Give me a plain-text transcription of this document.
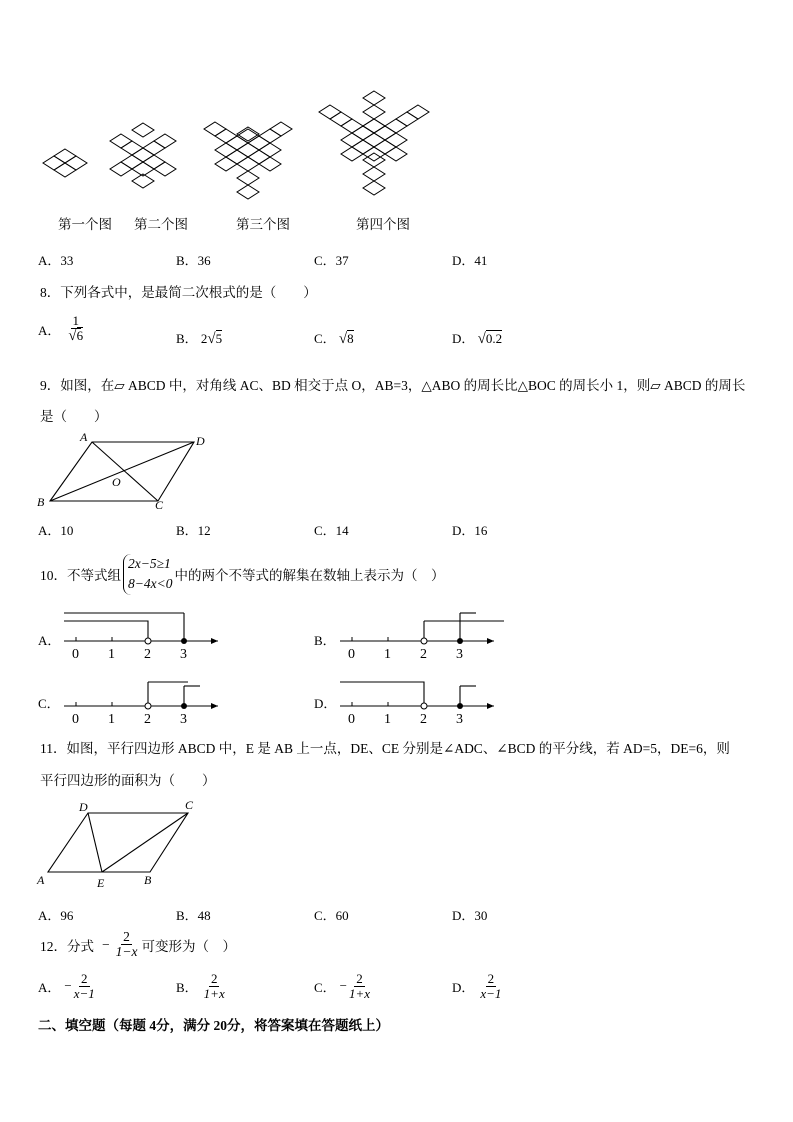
第一个图 第二个图	第三个图	第四个图
A．33	B．36	C．37	D．41
8．下列各式中，是最简二次根式的是（　　）
A． $\frac{1}{√6}$	B． 2√5	C． √8	D． √0.2
9．如图，在▱ ABCD 中，对角线 AC、BD 相交于点 O，AB=3，△ABO 的周长比△BOC 的周长小 1，则▱ ABCD 的周长
是（　　）
A	D
B	C
O
A．10	B．12	C．14	D．16
10．不等式组
2x−5≥1
8−4x<0
中的两个不等式的解集在数轴上表示为（　）
A．	B．
C．	D．
0 1 2 3	0 1 2 3
0 1 2 3	0 1 2 3
11．如图，平行四边形 ABCD 中，E 是 AB 上一点，DE、CE 分别是∠ADC、∠BCD 的平分线，若 AD=5，DE=6，则
平行四边形的面积为（　　）
D	C
A	E	B
A．96	B．48	C．60	D．30
12．分式 − $\frac{2}{1-x}$ 可变形为（　）
A． − $\frac{2}{x-1}$	B． $\frac{2}{1+x}$	C． − $\frac{2}{1+x}$	D． $\frac{2}{x-1}$
二、填空题（每题 4分，满分 20分，将答案填在答题纸上）
